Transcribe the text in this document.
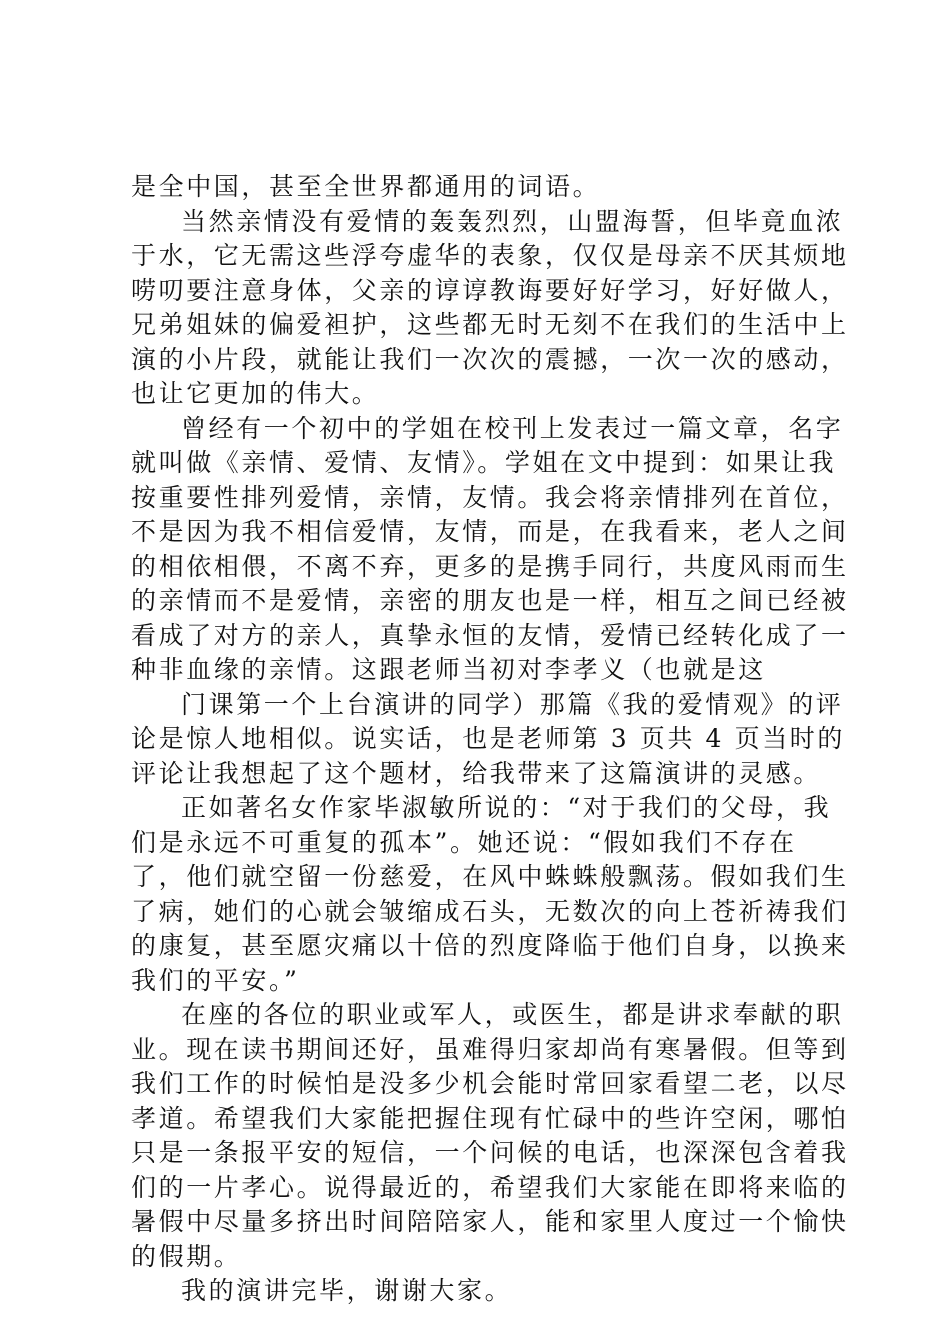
是全中国，甚至全世界都通用的词语。

当然亲情没有爱情的轰轰烈烈，山盟海誓，但毕竟血浓于水，它无需这些浮夸虚华的表象，仅仅是母亲不厌其烦地唠叨要注意身体，父亲的谆谆教诲要好好学习，好好做人，兄弟姐妹的偏爱袒护，这些都无时无刻不在我们的生活中上演的小片段，就能让我们一次次的震撼，一次一次的感动，也让它更加的伟大。

曾经有一个初中的学姐在校刊上发表过一篇文章，名字就叫做《亲情、爱情、友情》。学姐在文中提到：如果让我按重要性排列爱情，亲情，友情。我会将亲情排列在首位，不是因为我不相信爱情，友情，而是，在我看来，老人之间的相依相偎，不离不弃，更多的是携手同行，共度风雨而生的亲情而不是爱情，亲密的朋友也是一样，相互之间已经被看成了对方的亲人，真挚永恒的友情，爱情已经转化成了一种非血缘的亲情。这跟老师当初对李孝义（也就是这

门课第一个上台演讲的同学）那篇《我的爱情观》的评论是惊人地相似。说实话，也是老师第 3 页共 4 页当时的评论让我想起了这个题材，给我带来了这篇演讲的灵感。

正如著名女作家毕淑敏所说的：“对于我们的父母，我们是永远不可重复的孤本”。她还说：“假如我们不存在了，他们就空留一份慈爱，在风中蛛蛛般飘荡。假如我们生了病，她们的心就会皱缩成石头，无数次的向上苍祈祷我们的康复，甚至愿灾痛以十倍的烈度降临于他们自身，以换来我们的平安。”

在座的各位的职业或军人，或医生，都是讲求奉献的职业。现在读书期间还好，虽难得归家却尚有寒暑假。但等到我们工作的时候怕是没多少机会能时常回家看望二老，以尽孝道。希望我们大家能把握住现有忙碌中的些许空闲，哪怕只是一条报平安的短信，一个问候的电话，也深深包含着我们的一片孝心。说得最近的，希望我们大家能在即将来临的暑假中尽量多挤出时间陪陪家人，能和家里人度过一个愉快的假期。

我的演讲完毕，谢谢大家。
